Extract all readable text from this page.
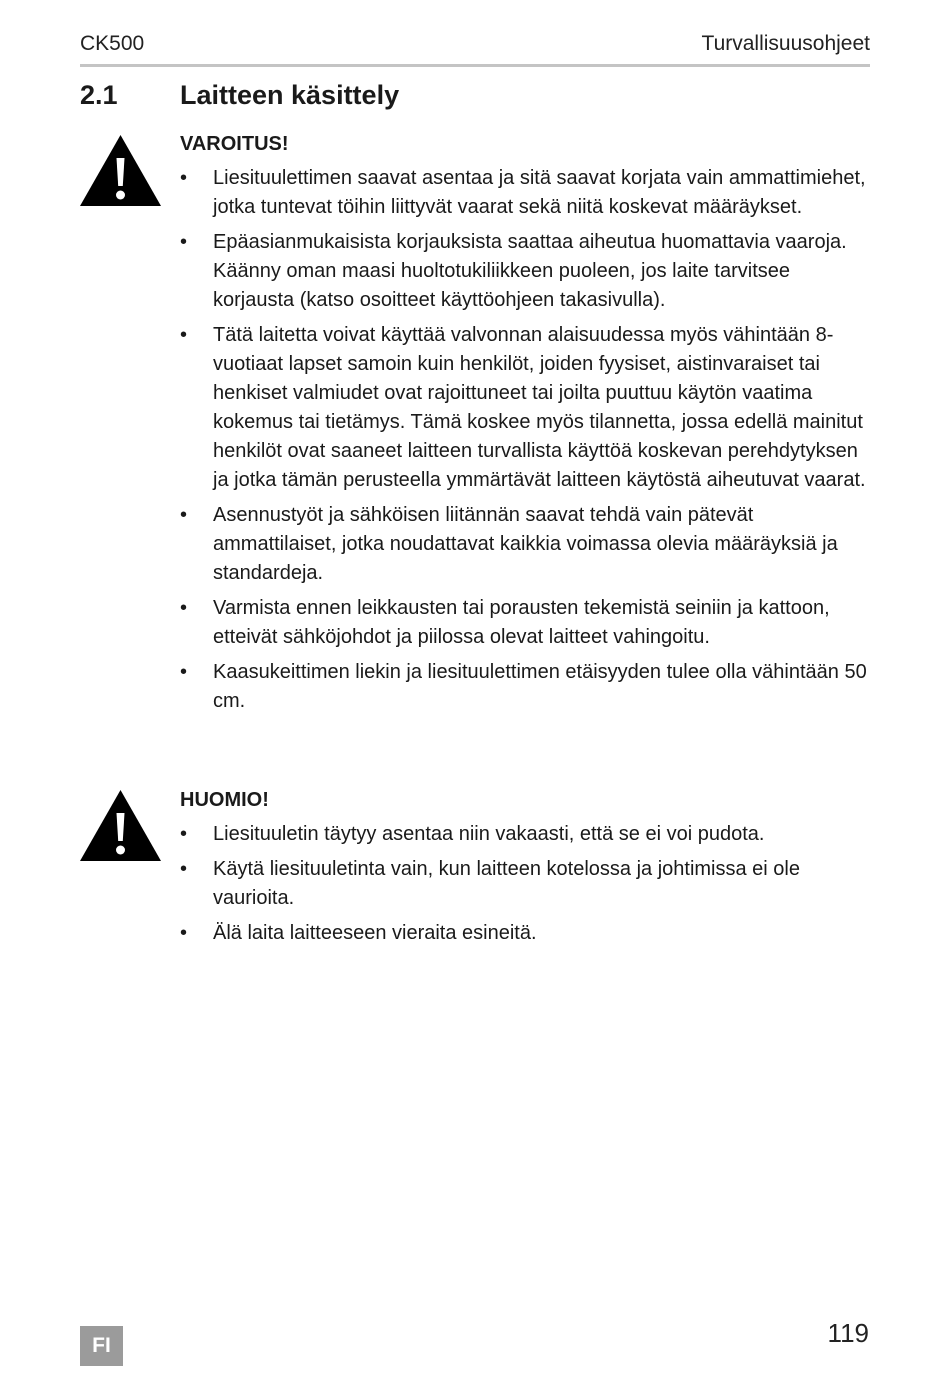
CK500	Turvallisuusohjeet
2.1 Laitteen käsittely
VAROITUS!
• Liesituulettimen saavat asentaa ja sitä saavat korjata vain ammattimiehet, jotka tuntevat töihin liittyvät vaarat sekä niitä koskevat määräykset.
• Epäasianmukaisista korjauksista saattaa aiheutua huomattavia vaaroja. Käänny oman maasi huoltotukiliikkeen puoleen, jos laite tarvitsee korjausta (katso osoitteet käyttöohjeen takasivulla).
• Tätä laitetta voivat käyttää valvonnan alaisuudessa myös vähintään 8-vuotiaat lapset samoin kuin henkilöt, joiden fyysiset, aistinvaraiset tai henkiset valmiudet ovat rajoittuneet tai joilta puuttuu käytön vaatima kokemus tai tietämys. Tämä koskee myös tilannetta, jossa edellä mainitut henkilöt ovat saaneet laitteen turvallista käyttöä koskevan perehdytyksen ja jotka tämän perusteella ymmärtävät laitteen käytöstä aiheutuvat vaarat.
• Asennustyöt ja sähköisen liitännän saavat tehdä vain pätevät ammattilaiset, jotka noudattavat kaikkia voimassa olevia määräyksiä ja standardeja.
• Varmista ennen leikkausten tai porausten tekemistä seiniin ja kattoon, etteivät sähköjohdot ja piilossa olevat laitteet vahingoitu.
• Kaasukeittimen liekin ja liesituulettimen etäisyyden tulee olla vähintään 50 cm.
HUOMIO!
• Liesituuletin täytyy asentaa niin vakaasti, että se ei voi pudota.
• Käytä liesituuletinta vain, kun laitteen kotelossa ja johtimissa ei ole vaurioita.
• Älä laita laitteeseen vieraita esineitä.
FI	119
